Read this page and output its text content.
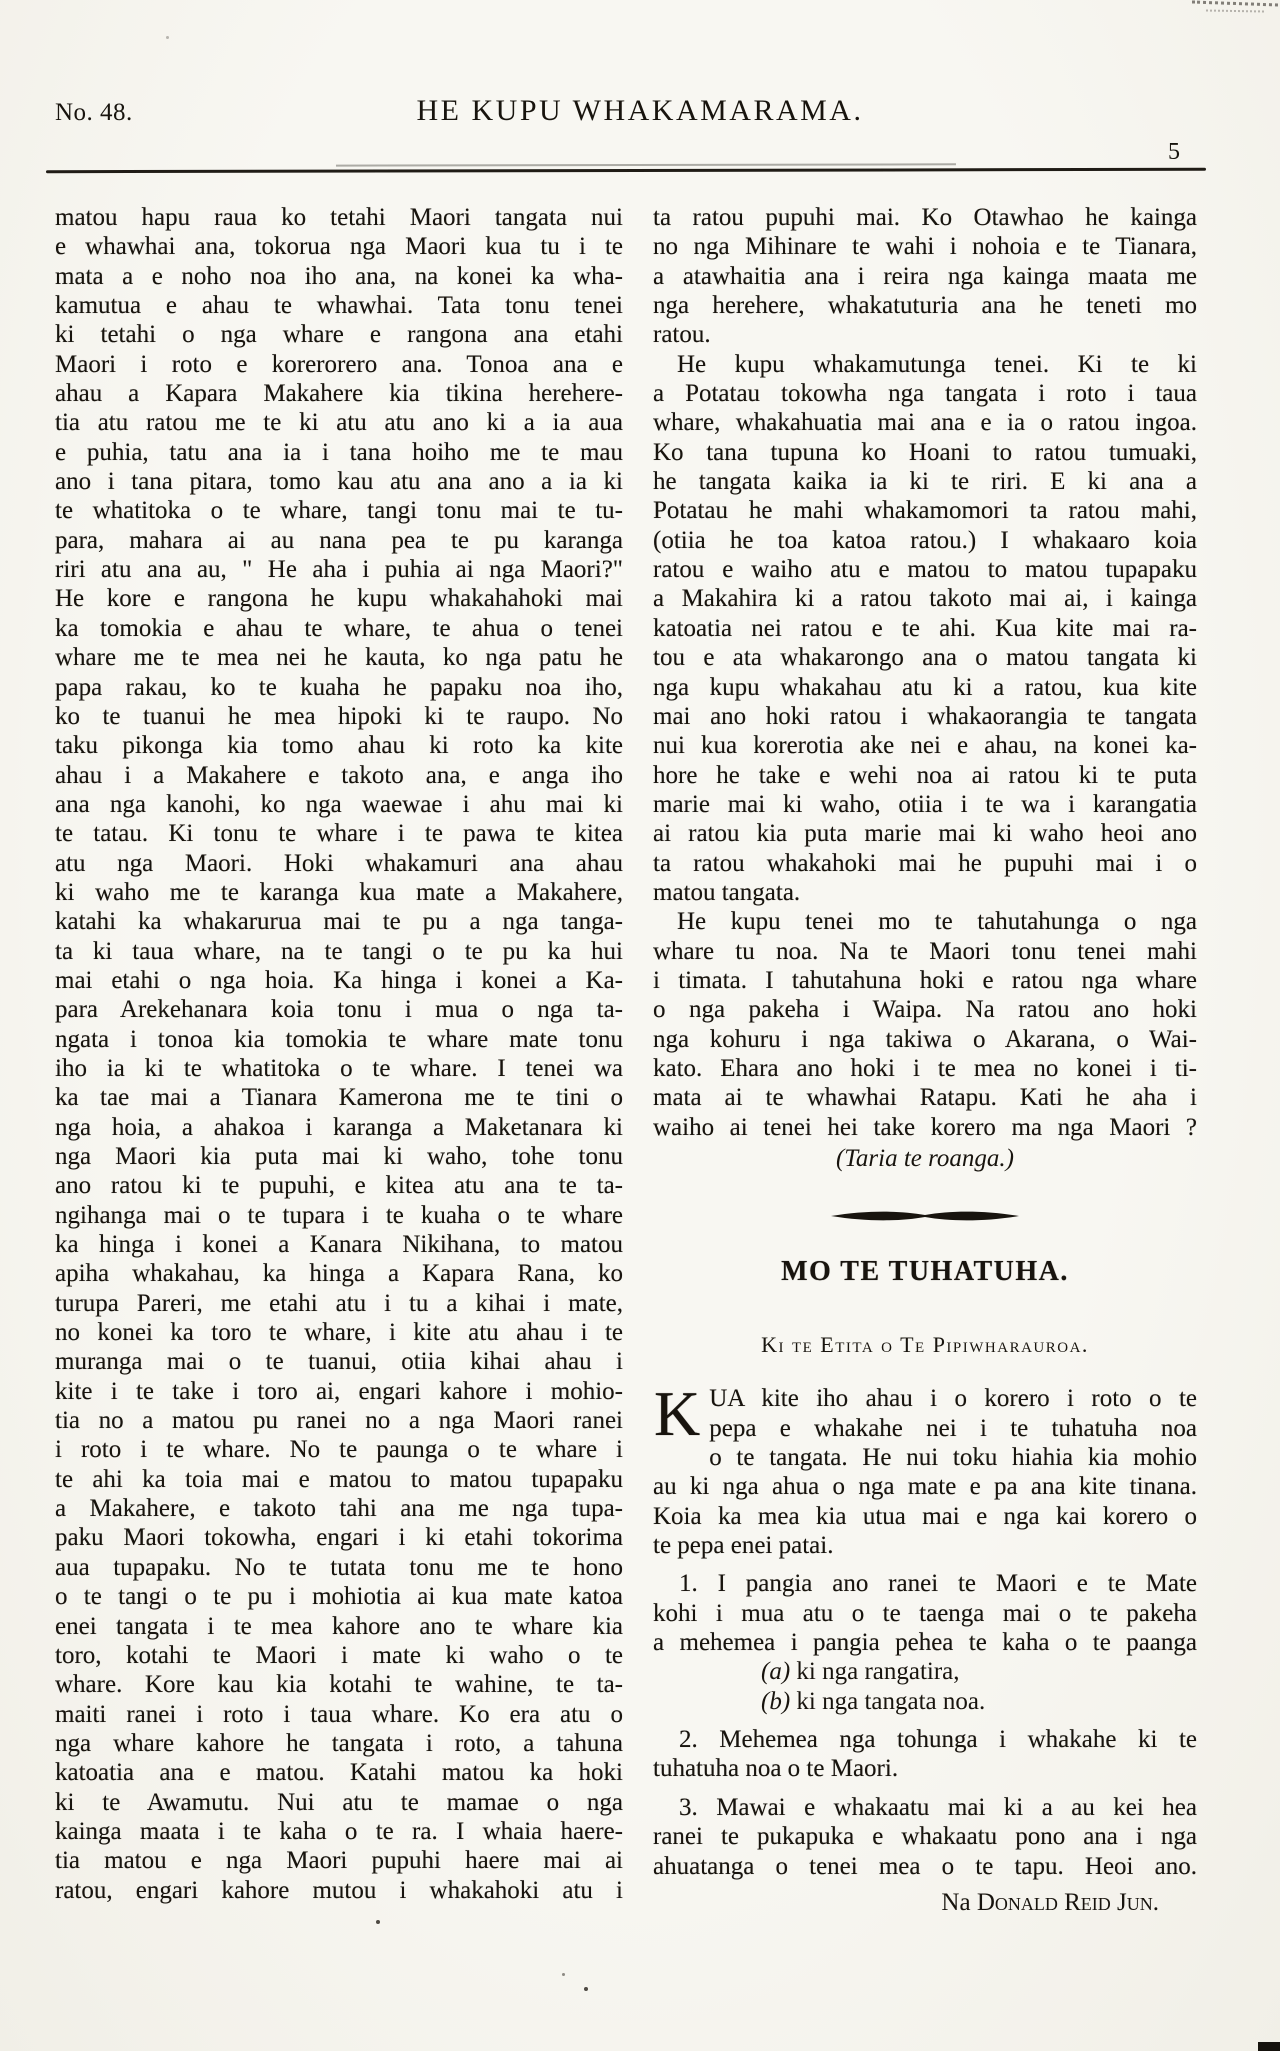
No. 48.	HE KUPU WHAKAMARAMA.
5
matou hapu raua ko tetahi Maori tangata nui
e whawhai ana, tokorua nga Maori kua tu i te
mata a e noho noa iho ana, na konei ka wha-
kamutua e ahau te whawhai. Tata tonu tenei
ki tetahi o nga whare e rangona ana etahi
Maori i roto e korerorero ana. Tonoa ana e
ahau a Kapara Makahere kia tikina herehere-
tia atu ratou me te ki atu atu ano ki a ia aua
e puhia, tatu ana ia i tana hoiho me te mau
ano i tana pitara, tomo kau atu ana ano a ia ki
te whatitoka o te whare, tangi tonu mai te tu-
para, mahara ai au nana pea te pu karanga
riri atu ana au, " He aha i puhia ai nga Maori?"
He kore e rangona he kupu whakahahoki mai
ka tomokia e ahau te whare, te ahua o tenei
whare me te mea nei he kauta, ko nga patu he
papa rakau, ko te kuaha he papaku noa iho,
ko te tuanui he mea hipoki ki te raupo. No
taku pikonga kia tomo ahau ki roto ka kite
ahau i a Makahere e takoto ana, e anga iho
ana nga kanohi, ko nga waewae i ahu mai ki
te tatau. Ki tonu te whare i te pawa te kitea
atu nga Maori. Hoki whakamuri ana ahau
ki waho me te karanga kua mate a Makahere,
katahi ka whakarurua mai te pu a nga tanga-
ta ki taua whare, na te tangi o te pu ka hui
mai etahi o nga hoia. Ka hinga i konei a Ka-
para Arekehanara koia tonu i mua o nga ta-
ngata i tonoa kia tomokia te whare mate tonu
iho ia ki te whatitoka o te whare. I tenei wa
ka tae mai a Tianara Kamerona me te tini o
nga hoia, a ahakoa i karanga a Maketanara ki
nga Maori kia puta mai ki waho, tohe tonu
ano ratou ki te pupuhi, e kitea atu ana te ta-
ngihanga mai o te tupara i te kuaha o te whare
ka hinga i konei a Kanara Nikihana, to matou
apiha whakahau, ka hinga a Kapara Rana, ko
turupa Pareri, me etahi atu i tu a kihai i mate,
no konei ka toro te whare, i kite atu ahau i te
muranga mai o te tuanui, otiia kihai ahau i
kite i te take i toro ai, engari kahore i mohio-
tia no a matou pu ranei no a nga Maori ranei
i roto i te whare. No te paunga o te whare i
te ahi ka toia mai e matou to matou tupapaku
a Makahere, e takoto tahi ana me nga tupa-
paku Maori tokowha, engari i ki etahi tokorima
aua tupapaku. No te tutata tonu me te hono
o te tangi o te pu i mohiotia ai kua mate katoa
enei tangata i te mea kahore ano te whare kia
toro, kotahi te Maori i mate ki waho o te
whare. Kore kau kia kotahi te wahine, te ta-
maiti ranei i roto i taua whare. Ko era atu o
nga whare kahore he tangata i roto, a tahuna
katoatia ana e matou. Katahi matou ka hoki
ki te Awamutu. Nui atu te mamae o nga
kainga maata i te kaha o te ra. I whaia haere-
tia matou e nga Maori pupuhi haere mai ai
ratou, engari kahore mutou i whakahoki atu i
ta ratou pupuhi mai. Ko Otawhao he kainga
no nga Mihinare te wahi i nohoia e te Tianara,
a atawhaitia ana i reira nga kainga maata me
nga herehere, whakatuturia ana he teneti mo
ratou.
He kupu whakamutunga tenei. Ki te ki
a Potatau tokowha nga tangata i roto i taua
whare, whakahuatia mai ana e ia o ratou ingoa.
Ko tana tupuna ko Hoani to ratou tumuaki,
he tangata kaika ia ki te riri. E ki ana a
Potatau he mahi whakamomori ta ratou mahi,
(otiia he toa katoa ratou.) I whakaaro koia
ratou e waiho atu e matou to matou tupapaku
a Makahira ki a ratou takoto mai ai, i kainga
katoatia nei ratou e te ahi. Kua kite mai ra-
tou e ata whakarongo ana o matou tangata ki
nga kupu whakahau atu ki a ratou, kua kite
mai ano hoki ratou i whakaorangia te tangata
nui kua korerotia ake nei e ahau, na konei ka-
hore he take e wehi noa ai ratou ki te puta
marie mai ki waho, otiia i te wa i karangatia
ai ratou kia puta marie mai ki waho heoi ano
ta ratou whakahoki mai he pupuhi mai i o
matou tangata.
He kupu tenei mo te tahutahunga o nga
whare tu noa. Na te Maori tonu tenei mahi
i timata. I tahutahuna hoki e ratou nga whare
o nga pakeha i Waipa. Na ratou ano hoki
nga kohuru i nga takiwa o Akarana, o Wai-
kato. Ehara ano hoki i te mea no konei i ti-
mata ai te whawhai Ratapu. Kati he aha i
waiho ai tenei hei take korero ma nga Maori ?
(Taria te roanga.)
MO TE TUHATUHA.
Ki te Etita o Te Pipiwharauroa.
K UA kite iho ahau i o korero i roto o te
pepa e whakahe nei i te tuhatuha noa
o te tangata. He nui toku hiahia kia mohio
au ki nga ahua o nga mate e pa ana kite tinana.
Koia ka mea kia utua mai e nga kai korero o
te pepa enei patai.
1. I pangia ano ranei te Maori e te Mate
kohi i mua atu o te taenga mai o te pakeha
a mehemea i pangia pehea te kaha o te paanga
(a) ki nga rangatira,
(b) ki nga tangata noa.
2. Mehemea nga tohunga i whakahe ki te
tuhatuha noa o te Maori.
3. Mawai e whakaatu mai ki a au kei hea
ranei te pukapuka e whakaatu pono ana i nga
ahuatanga o tenei mea o te tapu. Heoi ano.
Na Donald Reid Jun.
